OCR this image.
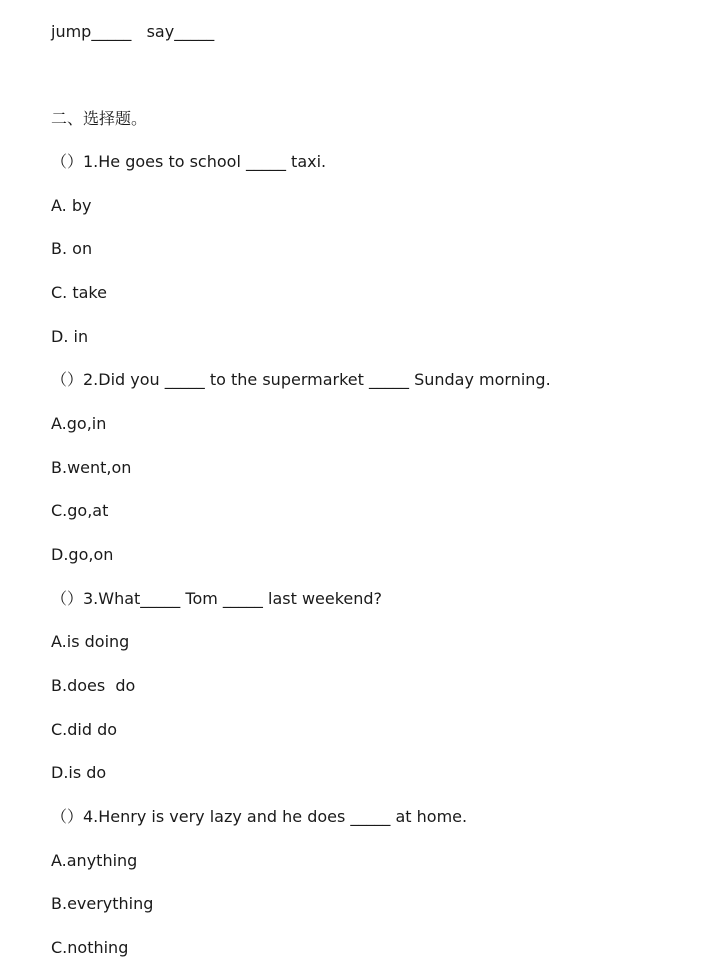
jump_____   say_____
二、选择题。
（）1.He goes to school _____ taxi.
A. by
B. on
C. take
D. in
（）2.Did you _____ to the supermarket _____ Sunday morning.
A.go,in
B.went,on
C.go,at
D.go,on
（）3.What_____ Tom _____ last weekend?
A.is doing
B.does  do
C.did do
D.is do
（）4.Henry is very lazy and he does _____ at home.
A.anything
B.everything
C.nothing
